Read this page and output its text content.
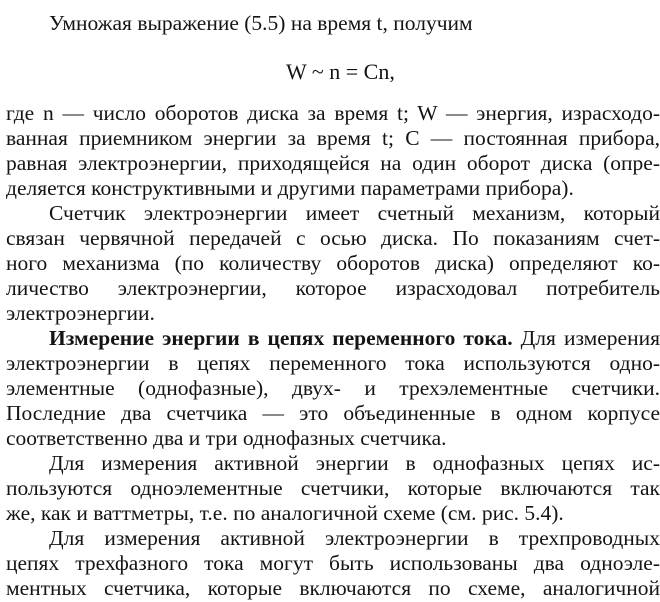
Умножая выражение (5.5) на время t, получим
W ~ n = Cn,
где n — число оборотов диска за время t; W — энергия, израсходо-
ванная приемником энергии за время t; C — постоянная прибора,
равная электроэнергии, приходящейся на один оборот диска (опре-
деляется конструктивными и другими параметрами прибора).
Счетчик электроэнергии имеет счетный механизм, который
связан червячной передачей с осью диска. По показаниям счет-
ного механизма (по количеству оборотов диска) определяют ко-
личество электроэнергии, которое израсходовал потребитель
электроэнергии.
Измерение энергии в цепях переменного тока. Для измерения
электроэнергии в цепях переменного тока используются одно-
элементные (однофазные), двух- и трехэлементные счетчики.
Последние два счетчика — это объединенные в одном корпусе
соответственно два и три однофазных счетчика.
Для измерения активной энергии в однофазных цепях ис-
пользуются одноэлементные счетчики, которые включаются так
же, как и ваттметры, т.е. по аналогичной схеме (см. рис. 5.4).
Для измерения активной электроэнергии в трехпроводных
цепях трехфазного тока могут быть использованы два одноэле-
ментных счетчика, которые включаются по схеме, аналогичной
